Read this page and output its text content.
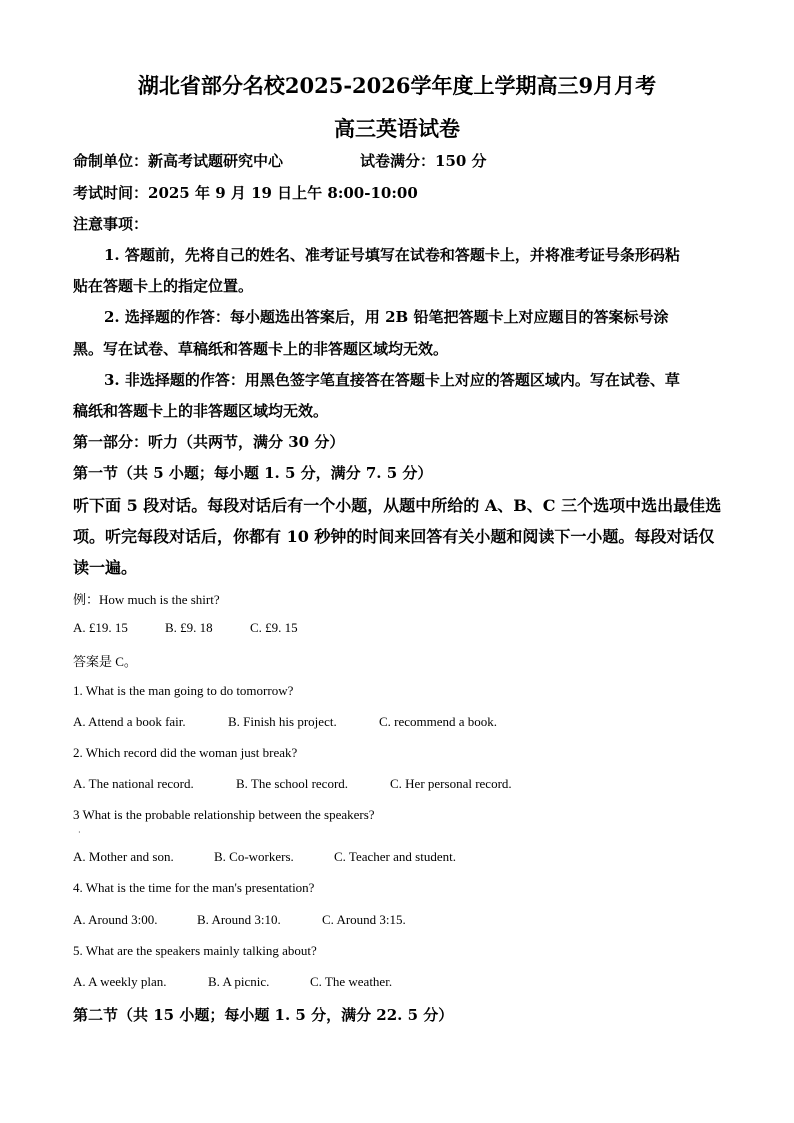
湖北省部分名校2025-2026学年度上学期高三9月月考
高三英语试卷
命制单位：新高考试题研究中心	试卷满分：150 分
考试时间：2025 年 9 月 19 日上午 8:00-10:00
注意事项：
1. 答题前，先将自己的姓名、准考证号填写在试卷和答题卡上，并将准考证号条形码粘
贴在答题卡上的指定位置。
2. 选择题的作答：每小题选出答案后，用 2B 铅笔把答题卡上对应题目的答案标号涂
黑。写在试卷、草稿纸和答题卡上的非答题区域均无效。
3. 非选择题的作答：用黑色签字笔直接答在答题卡上对应的答题区域内。写在试卷、草
稿纸和答题卡上的非答题区域均无效。
第一部分：听力（共两节，满分 30 分）
第一节（共 5 小题；每小题 1. 5 分，满分 7. 5 分）
听下面 5 段对话。每段对话后有一个小题，从题中所给的 A、B、C 三个选项中选出最佳选
项。听完每段对话后，你都有 10 秒钟的时间来回答有关小题和阅读下一小题。每段对话仅
读一遍。
例：How much is the shirt?
A. £19. 15	B. £9. 18	C. £9. 15
答案是 C。
1. What is the man going to do tomorrow?
A. Attend a book fair.	B. Finish his project.	C. recommend a book.
2. Which record did the woman just break?
A. The national record.	B. The school record.	C. Her personal record.
3 What is the probable relationship between the speakers?
·
A. Mother and son.	B. Co-workers.	C. Teacher and student.
4. What is the time for the man's presentation?
A. Around 3:00.	B. Around 3:10.	C. Around 3:15.
5. What are the speakers mainly talking about?
A. A weekly plan.	B. A picnic.	C. The weather.
第二节（共 15 小题；每小题 1. 5 分，满分 22. 5 分）
